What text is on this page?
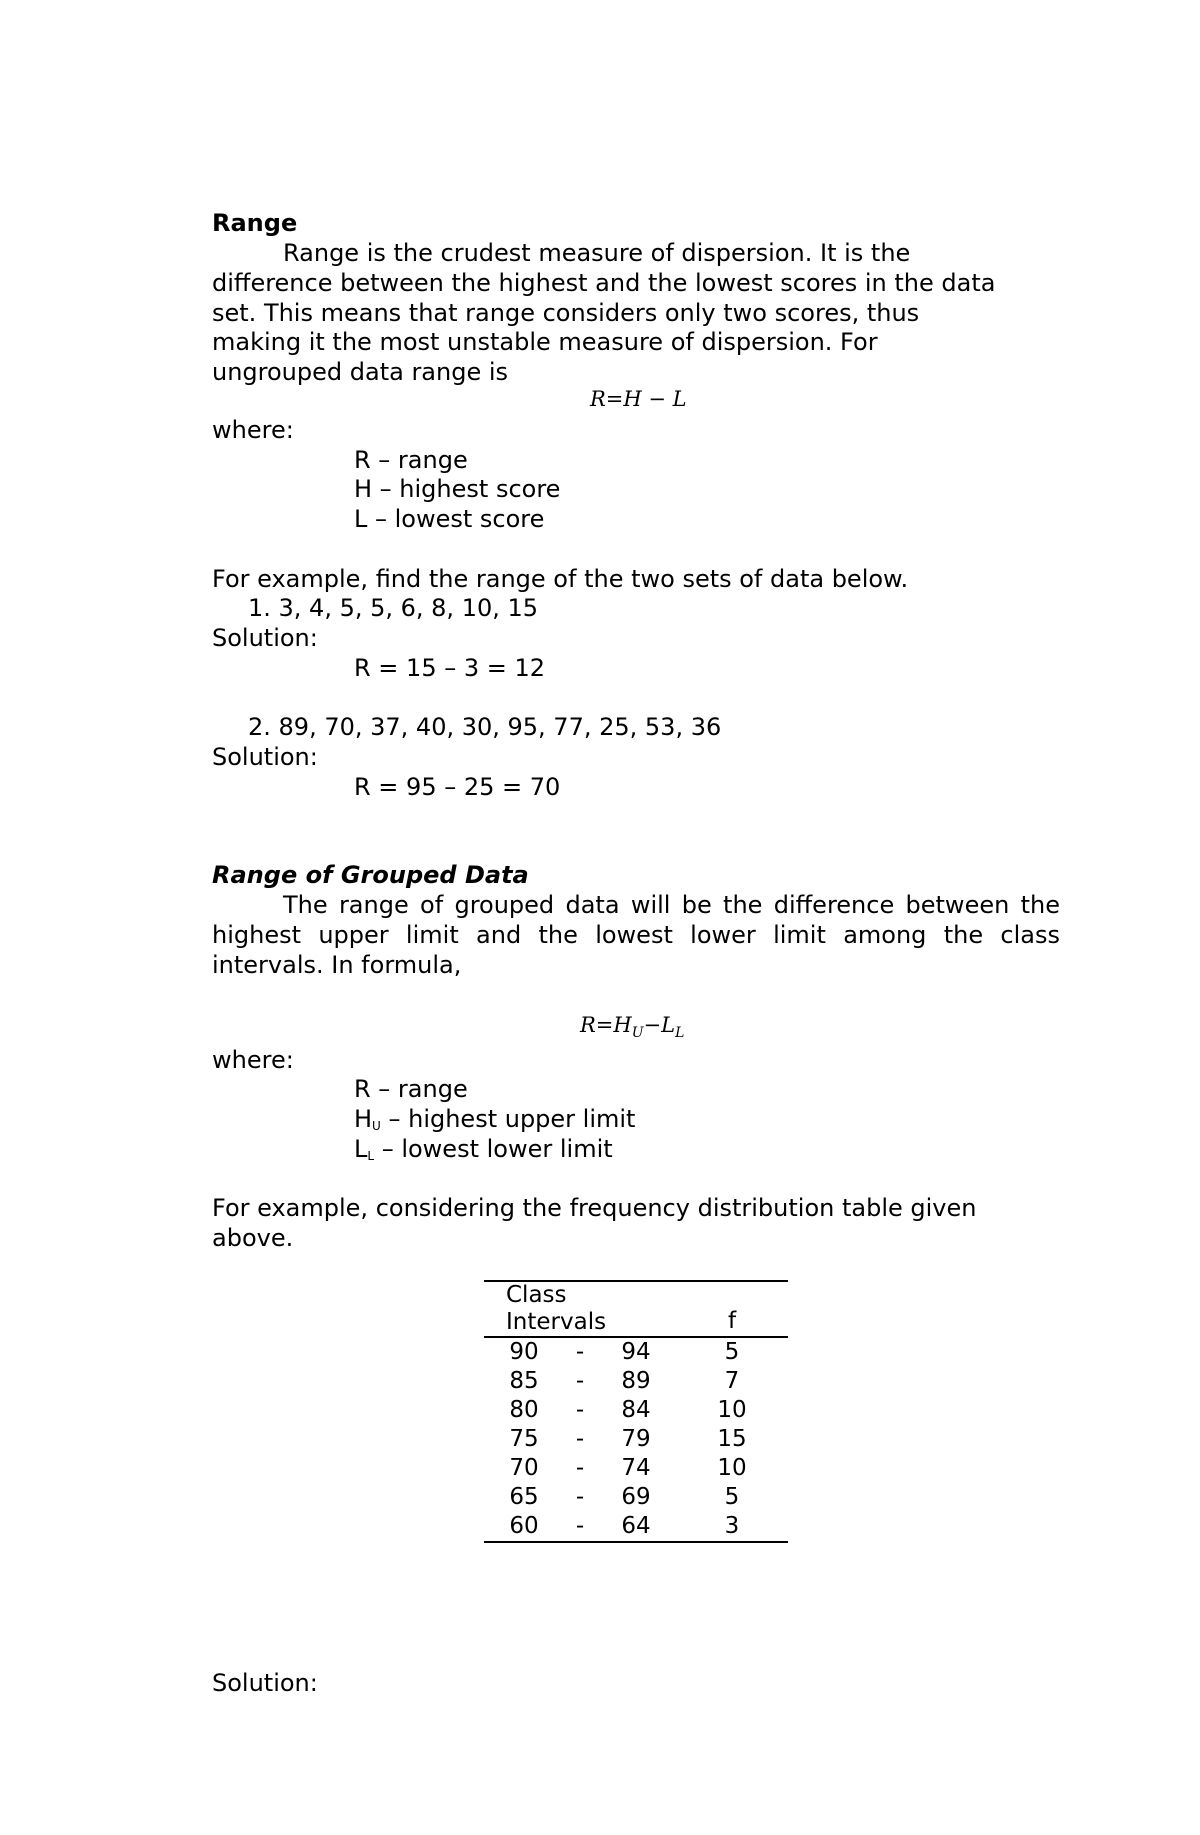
Range
Range is the crudest measure of dispersion. It is the
difference between the highest and the lowest scores in the data
set. This means that range considers only two scores, thus
making it the most unstable measure of dispersion. For
ungrouped data range is
R=H − L
where:
R – range
H – highest score
L – lowest score
For example, find the range of the two sets of data below.
1. 3, 4, 5, 5, 6, 8, 10, 15
Solution:
R = 15 – 3 = 12
2. 89, 70, 37, 40, 30, 95, 77, 25, 53, 36
Solution:
R = 95 – 25 = 70
Range of Grouped Data
The range of grouped data will be the difference between the highest upper limit and the lowest lower limit among the class intervals. In formula,
$R=H_U-L_L$
where:
R – range
$H_U$ – highest upper limit
$L_L$ – lowest lower limit
For example, considering the frequency distribution table given
above.
Class
Intervals			f
90	-	94	5
85	-	89	7
80	-	84	10
75	-	79	15
70	-	74	10
65	-	69	5
60	-	64	3
Solution:
